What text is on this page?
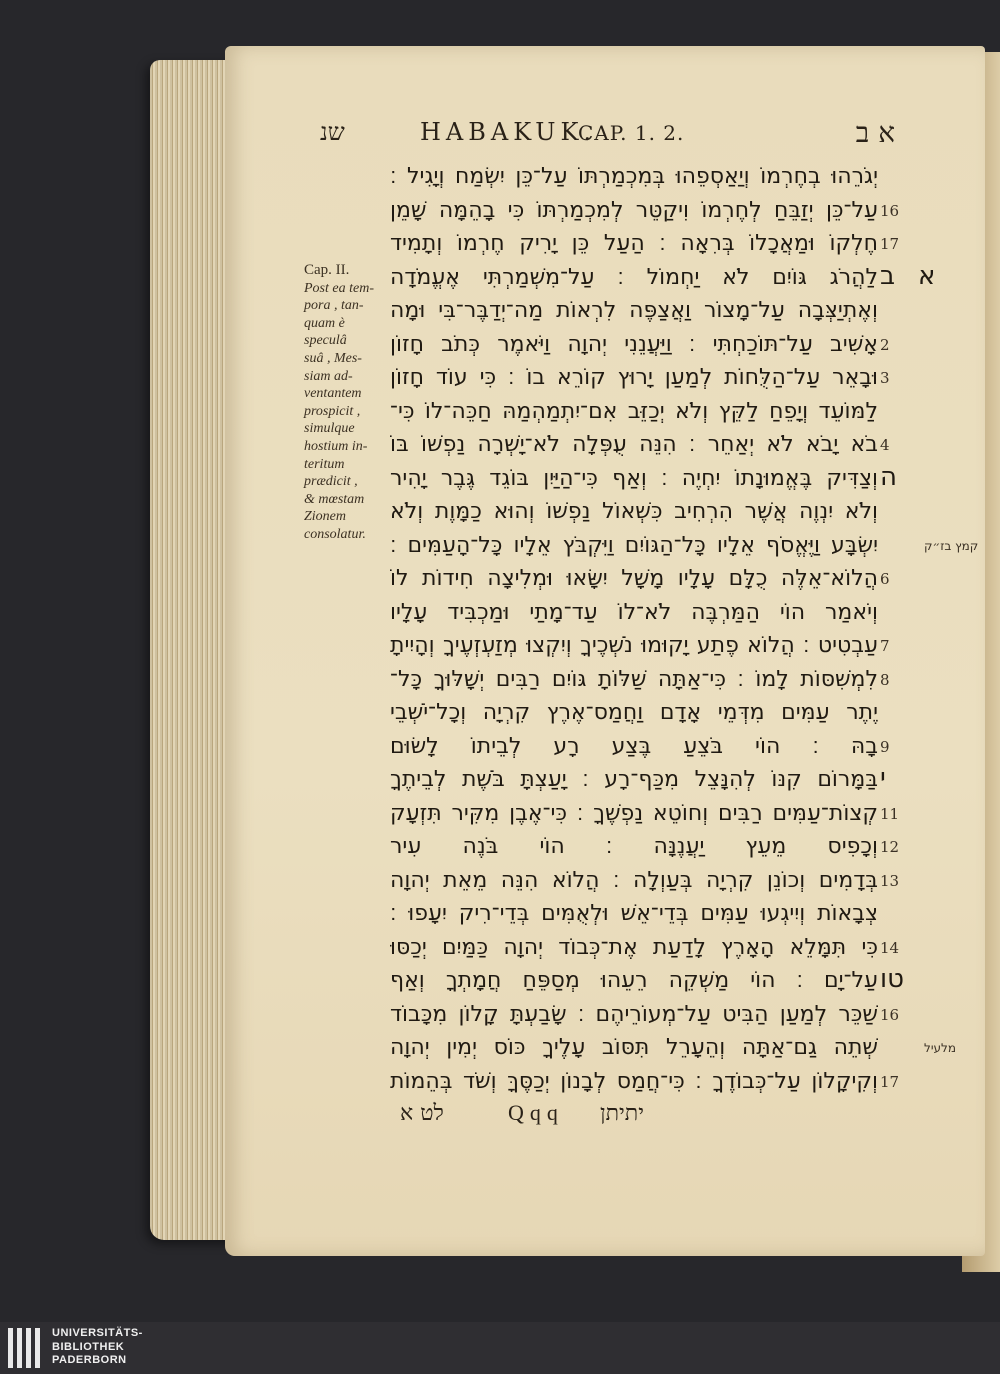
שנ	HABAKUK.
CAP. 1. 2.	א ב
Cap. II.
Post ea tem-
pora , tan-
quam è
speculâ
suâ , Mes-
siam ad-
ventantem
prospicit ,
simulque
hostium in-
teritum
prædicit ,
& mœstam
Zionem
consolatur.
יְגֹרֵהוּ בְחֶרְמוֹ וְיַאַסְפֵהוּ בְּמִכְמַרְתּוֹ עַל־כֵּן יִשְׂמַח וְיָגִיל ׃
עַל־כֵּן יְזַבֵּחַ לְחֶרְמוֹ וִיקַטֵּר לְמִכְמַרְתּוֹ כִּי בָהֵמָּה שָׁמֵן
חֶלְקוֹ וּמַאֲכָלוֹ בְּרִאָה ׃ הַעַל כֵּן יָרִיק חֶרְמוֹ וְתָמִיד
לַהֲרֹג גּוֹיִם לֹא יַחְמוֹל ׃ עַל־מִשְׁמַרְתִּי אֶעֱמֹדָה
וְאֶתְיַצְּבָה עַל־מָצוֹר וַאֲצַפֶּה לִרְאוֹת מַה־יְדַבֶּר־בִּי וּמָה
אָשִׁיב עַל־תּוֹכַחְתִּי ׃ וַיַּעֲנֵנִי יְהוָה וַיֹּאמֶר כְּתֹב חָזוֹן
וּבָאֵר עַל־הַלֻּחוֹת לְמַעַן יָרוּץ קוֹרֵא בוֹ ׃ כִּי עוֹד חָזוֹן
לַמּוֹעֵד וְיָפֵחַ לַקֵּץ וְלֹא יְכַזֵּב אִם־יִתְמַהְמַהּ חַכֵּה־לוֹ כִּי־
בֹא יָבֹא לֹא יְאַחֵר ׃ הִנֵּה עֻפְּלָה לֹא־יָשְׁרָה נַפְשׁוֹ בּוֹ
וְצַדִּיק בֶּאֱמוּנָתוֹ יִחְיֶה ׃ וְאַף כִּי־הַיַּיִן בּוֹגֵד גֶּבֶר יָהִיר
וְלֹא יִנְוֶה אֲשֶׁר הִרְחִיב כִּשְׁאוֹל נַפְשׁוֹ וְהוּא כַמָּוֶת וְלֹא
יִשְׂבָּע וַיֶּאֱסֹף אֵלָיו כָּל־הַגּוֹיִם וַיִּקְבֹּץ אֵלָיו כָּל־הָעַמִּים ׃
הֲלוֹא־אֵלֶּה כֻלָּם עָלָיו מָשָׁל יִשָּׂאוּ וּמְלִיצָה חִידוֹת לוֹ
וְיֹאמַר הוֹי הַמַּרְבֶּה לֹא־לוֹ עַד־מָתַי וּמַכְבִּיד עָלָיו
עַבְטִיט ׃ הֲלוֹא פֶתַע יָקוּמוּ נֹשְׁכֶיךָ וְיִקְצוּ מְזַעְזְעֶיךָ וְהָיִיתָ
לִמְשִׁסּוֹת לָמוֹ ׃ כִּי־אַתָּה שַׁלּוֹתָ גּוֹיִם רַבִּים יְשָׁלּוּךָ כָּל־
יֶתֶר עַמִּים מִדְּמֵי אָדָם וַחֲמַס־אֶרֶץ קִרְיָה וְכָל־יֹשְׁבֵי
בָהּ ׃ הוֹי בֹּצֵעַ בֶּצַע רָע לְבֵיתוֹ לָשׂוּם
בַּמָּרוֹם קִנּוֹ לְהִנָּצֵל מִכַּף־רָע ׃ יָעַצְתָּ בֹּשֶׁת לְבֵיתֶךָ
קְצוֹת־עַמִּים רַבִּים וְחוֹטֵא נַפְשֶׁךָ ׃ כִּי־אֶבֶן מִקִּיר תִּזְעָק
וְכָפִיס מֵעֵץ יַעֲנֶנָּה ׃ הוֹי בֹּנֶה עִיר
בְּדָמִים וְכוֹנֵן קִרְיָה בְּעַוְלָה ׃ הֲלוֹא הִנֵּה מֵאֵת יְהוָה
צְבָאוֹת וְיִיגְעוּ עַמִּים בְּדֵי־אֵשׁ וּלְאֻמִּים בְּדֵי־רִיק יִעָפוּ ׃
כִּי תִּמָּלֵא הָאָרֶץ לָדַעַת אֶת־כְּבוֹד יְהוָה כַּמַּיִם יְכַסּוּ
עַל־יָם ׃ הוֹי מַשְׁקֵה רֵעֵהוּ מְסַפֵּחַ חֲמָתְךָ וְאַף
שַׁכֵּר לְמַעַן הַבִּיט עַל־מְעוֹרֵיהֶם ׃ שָׂבַעְתָּ קָלוֹן מִכָּבוֹד
שְׁתֵה גַם־אַתָּה וְהֵעָרֵל תִּסּוֹב עָלֶיךָ כּוֹס יְמִין יְהוָה
וְקִיקָלוֹן עַל־כְּבוֹדֶךָ ׃ כִּי־חֲמַס לְבָנוֹן יְכַסֶּךָּ וְשֹׁד בְּהֵמוֹת
16
17
2
3
4
6
7
8
9
11
12
13
14
16
17
ב א
ה
י
טו
קמץ בז״ק
מלעיל
לט א	Qqq יתיתן
UNIVERSITÄTS-
BIBLIOTHEK
PADERBORN
